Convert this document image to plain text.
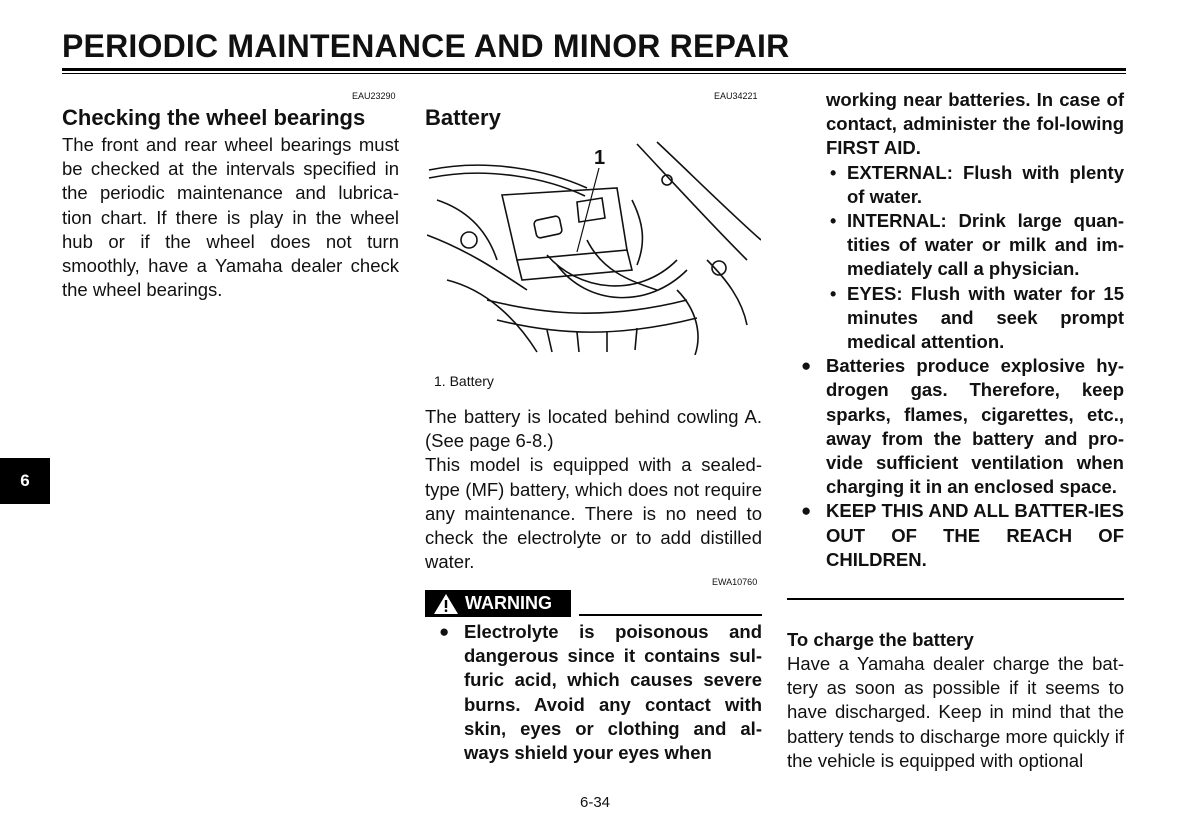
PERIODIC MAINTENANCE AND MINOR REPAIR
6
EAU23290
Checking the wheel bearings

The front and rear wheel bearings must be checked at the intervals specified in the periodic maintenance and lubrica-tion chart. If there is play in the wheel hub or if the wheel does not turn smoothly, have a Yamaha dealer check the wheel bearings.

EAU34221
Battery
1
1. Battery

The battery is located behind cowling A. (See page 6-8.)

This model is equipped with a sealed-type (MF) battery, which does not require any maintenance. There is no need to check the electrolyte or to add distilled water.

EWA10760
WARNING
● Electrolyte is poisonous and dangerous since it contains sul-furic acid, which causes severe burns. Avoid any contact with skin, eyes or clothing and al-ways shield your eyes when
working near batteries. In case of contact, administer the fol-lowing FIRST AID.
• EXTERNAL: Flush with plenty of water.
• INTERNAL: Drink large quan-tities of water or milk and im-mediately call a physician.
• EYES: Flush with water for 15 minutes and seek prompt medical attention.
● Batteries produce explosive hy-drogen gas. Therefore, keep sparks, flames, cigarettes, etc., away from the battery and pro-vide sufficient ventilation when charging it in an enclosed space.
● KEEP THIS AND ALL BATTER-IES OUT OF THE REACH OF CHILDREN.
To charge the battery

Have a Yamaha dealer charge the bat-tery as soon as possible if it seems to have discharged. Keep in mind that the battery tends to discharge more quickly if the vehicle is equipped with optional

6-34
